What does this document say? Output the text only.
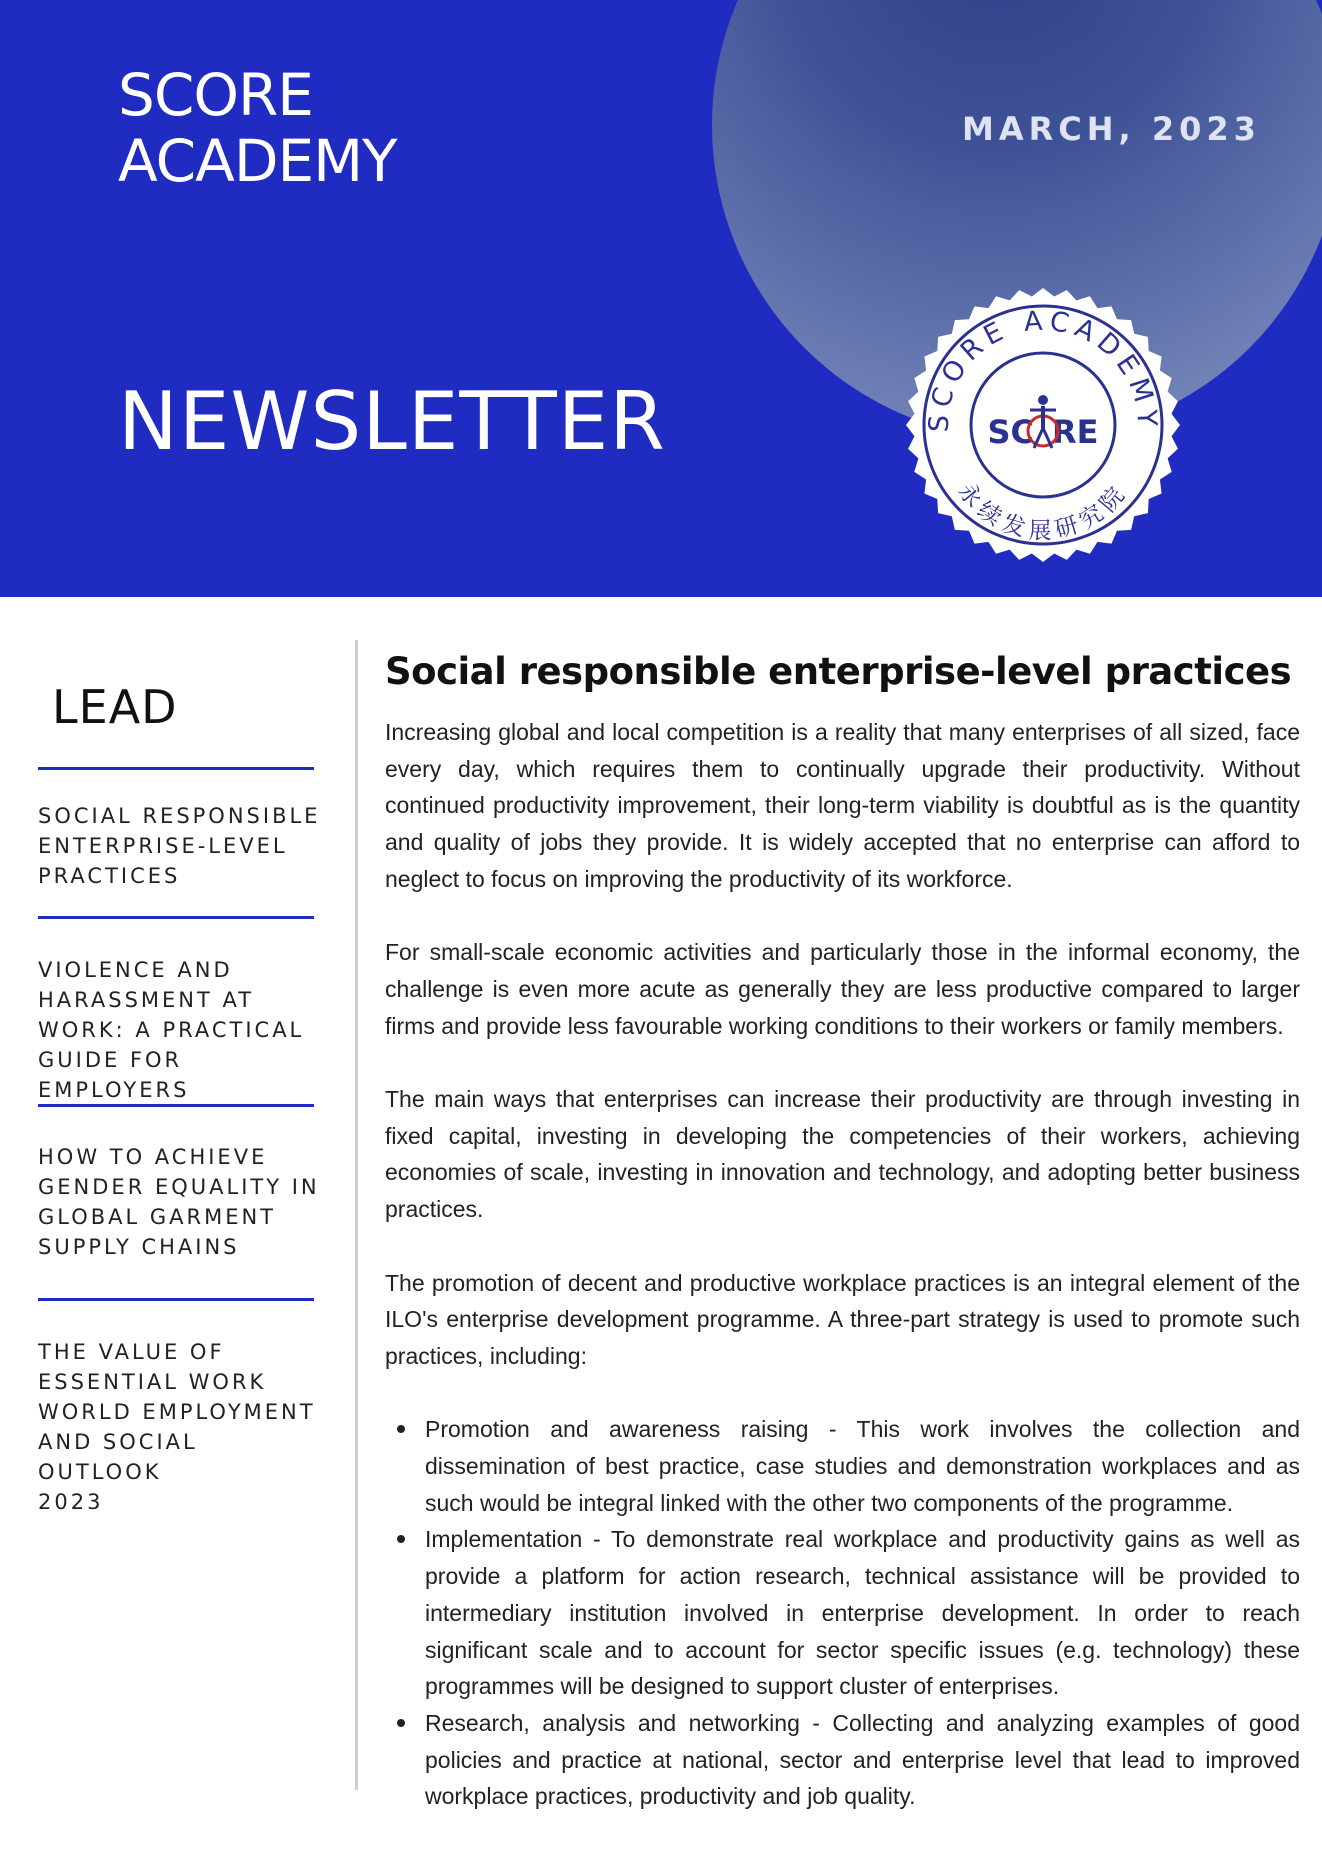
SCORE
ACADEMY	MARCH, 2023
NEWSLETTER	SCORE ACADEMY
SC RE
永续发展研究院
LEAD
SOCIAL RESPONSIBLE
ENTERPRISE-LEVEL
PRACTICES
VIOLENCE AND
HARASSMENT AT
WORK: A PRACTICAL
GUIDE FOR EMPLOYERS
HOW TO ACHIEVE
GENDER EQUALITY IN
GLOBAL GARMENT
SUPPLY CHAINS
THE VALUE OF
ESSENTIAL WORK
WORLD EMPLOYMENT
AND SOCIAL OUTLOOK
2023
Social responsible enterprise-level practices

Increasing global and local competition is a reality that many enterprises of all sized, face every day, which requires them to continually upgrade their productivity. Without continued productivity improvement, their long-term viability is doubtful as is the quantity and quality of jobs they provide. It is widely accepted that no enterprise can afford to neglect to focus on improving the productivity of its workforce.

For small-scale economic activities and particularly those in the informal economy, the challenge is even more acute as generally they are less productive compared to larger firms and provide less favourable working conditions to their workers or family members.

The main ways that enterprises can increase their productivity are through investing in fixed capital, investing in developing the competencies of their workers, achieving economies of scale, investing in innovation and technology, and adopting better business practices.

The promotion of decent and productive workplace practices is an integral element of the ILO's enterprise development programme. A three-part strategy is used to promote such practices, including:

Promotion and awareness raising - This work involves the collection and dissemination of best practice, case studies and demonstration workplaces and as such would be integral linked with the other two components of the programme.
Implementation - To demonstrate real workplace and productivity gains as well as provide a platform for action research, technical assistance will be provided to intermediary institution involved in enterprise development. In order to reach significant scale and to account for sector specific issues (e.g. technology) these programmes will be designed to support cluster of enterprises.
Research, analysis and networking - Collecting and analyzing examples of good policies and practice at national, sector and enterprise level that lead to improved workplace practices, productivity and job quality.
